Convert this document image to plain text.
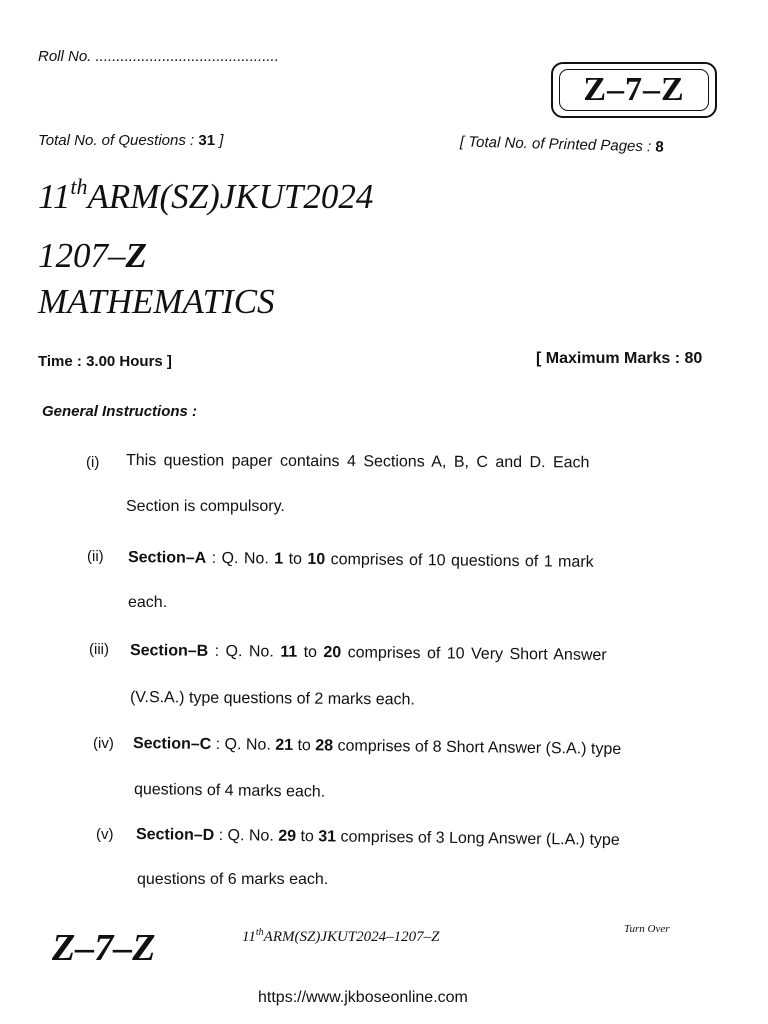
Roll No. ............................................
Z–7–Z
Total No. of Questions : 31 ]	[ Total No. of Printed Pages : 8
11thARM(SZ)JKUT2024
1207–Z
MATHEMATICS
Time : 3.00 Hours ]	[ Maximum Marks : 80
General Instructions :
(i) This question paper contains 4 Sections A, B, C and D. Each
Section is compulsory.
(ii) Section–A : Q. No. 1 to 10 comprises of 10 questions of 1 mark
each.
(iii) Section–B : Q. No. 11 to 20 comprises of 10 Very Short Answer
(V.S.A.) type questions of 2 marks each.
(iv) Section–C : Q. No. 21 to 28 comprises of 8 Short Answer (S.A.) type
questions of 4 marks each.
(v) Section–D : Q. No. 29 to 31 comprises of 3 Long Answer (L.A.) type
questions of 6 marks each.
Z–7–Z	11thARM(SZ)JKUT2024–1207–Z	Turn Over
https://www.jkboseonline.com
